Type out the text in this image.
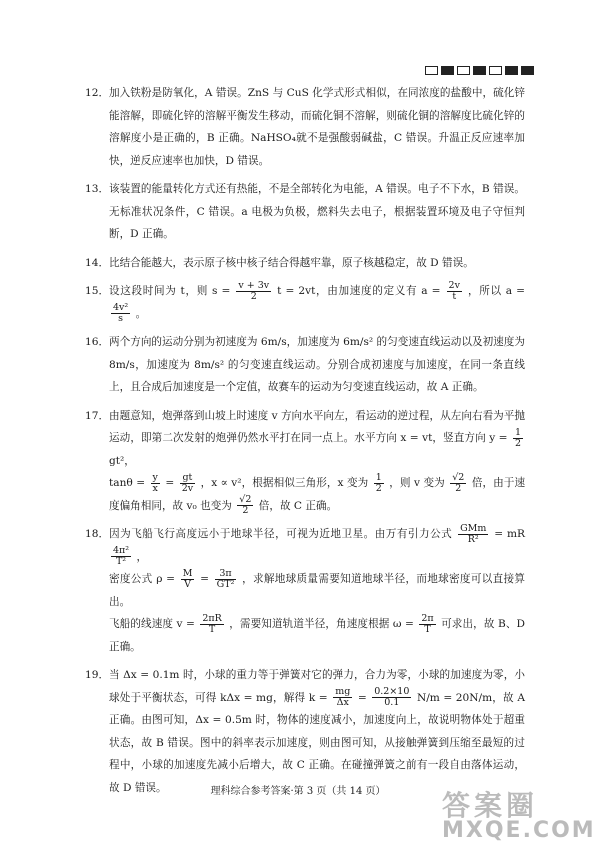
12． 加入铁粉是防氧化，A 错误。ZnS 与 CuS 化学式形式相似，在同浓度的盐酸中，硫化锌能溶解，即硫化锌的溶解平衡发生移动，而硫化铜不溶解，则硫化铜的溶解度比硫化锌的溶解度小是正确的，B 正确。NaHSO₄就不是强酸弱碱盐，C 错误。升温正反应速率加快，逆反应速率也加快，D 错误。
13． 该装置的能量转化方式还有热能，不是全部转化为电能，A 错误。电子不下水，B 错误。无标准状况条件，C 错误。a 电极为负极，燃料失去电子，根据装置环境及电子守恒判断，D 正确。
14． 比结合能越大，表示原子核中核子结合得越牢靠，原子核越稳定，故 D 错误。
15． 设这段时间为 t，则 $s = \frac{v + 3v}{2}$ t = 2vt，由加速度的定义有 $a = \frac{2v}{t}$ ，所以 a =
$\frac{\text{4v²}}{s}$ 。
16． 两个方向的运动分别为初速度为 6m/s，加速度为 6m/s² 的匀变速直线运动以及初速度为 8m/s，加速度为 8m/s² 的匀变速直线运动。分别合成初速度与加速度，在同一条直线上，且合成后加速度是一个定值，故赛车的运动为匀变速直线运动，故 A 正确。
17． 由题意知，炮弹落到山坡上时速度 v 方向水平向左，看运动的逆过程，从左向右看为平抛运动，即第二次发射的炮弹仍然水平打在同一点上。水平方向 x = vt，竖直方向 $y = \frac{1}{2}$
gt²，
$\tan\theta = \frac{y}{x} = \frac{gt}{2v}$ ，x ∝ v²，根据相似三角形，x 变为 $\frac{1}{2}$ ，则 v 变为 $\frac{√2}{2}$ 倍，由于速度偏角相同，故 v₀ 也变为 $\frac{√2}{2}$ 倍，故 C 正确。
18． 因为飞船飞行高度远小于地球半径，可视为近地卫星。由万有引力公式 $\frac{\text{GMm}}{\text{R²}}$ = mR
$\frac{\text{4π²}}{\text{T²}}$ ，
密度公式 $\rho = \frac{M}{V} = \frac{3\pi}{\text{GT²}}$ ，求解地球质量需要知道地球半径，而地球密度可以直接算出。
飞船的线速度 $v = \frac{2\pi R}{T}$ ，需要知道轨道半径，角速度根据 $\omega = \frac{2\pi}{T}$ 可求出，故 B、D 正确。
19． 当 Δx = 0.1m 时，小球的重力等于弹簧对它的弹力，合力为零，小球的加速度为零，小球处于平衡状态，可得 kΔx = mg，解得 $k = \frac{mg}{\Delta x} = \frac{0.2\times 10}{0.1} N/m = 20N/m$，故 A 正确。由图可知，Δx = 0.5m 时，物体的速度减小，加速度向上，故说明物体处于超重状态，故 B 错误。图中的斜率表示加速度，则由图可知，从接触弹簧到压缩至最短的过程中，小球的加速度先减小后增大，故 C 正确。在碰撞弹簧之前有一段自由落体运动，故 D 错误。	理科综合参考答案·第 3 页（共 14 页）	答案圈
MXQE.COM
